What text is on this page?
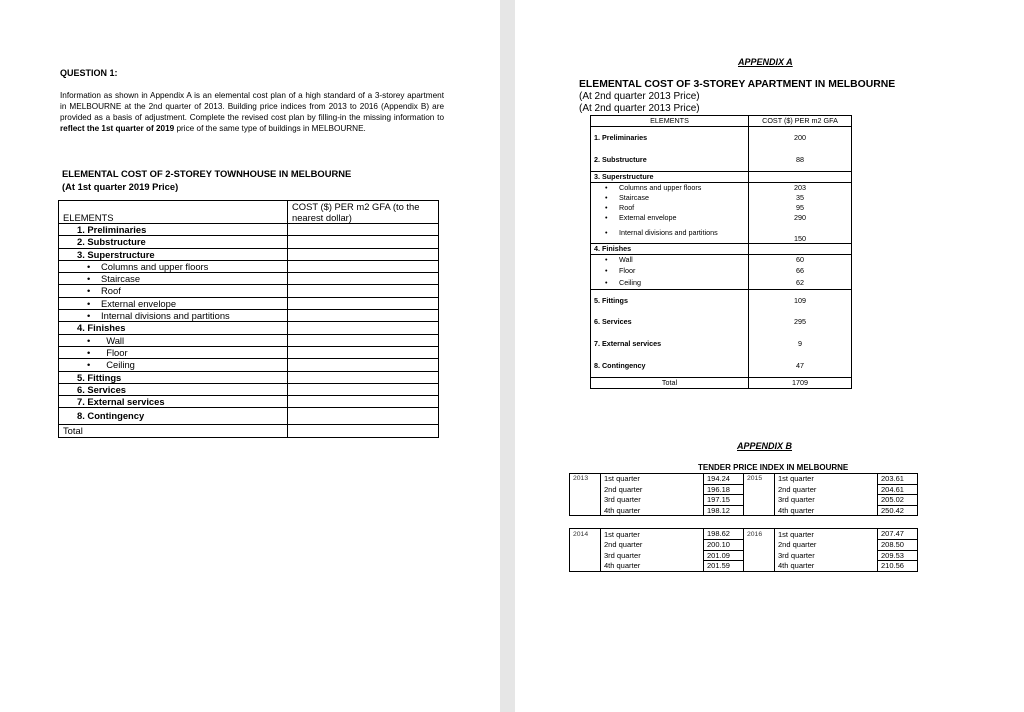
QUESTION 1:
Information as shown in Appendix A is an elemental cost plan of a high standard of a 3-storey apartment in MELBOURNE at the 2nd quarter of 2013. Building price indices from 2013 to 2016 (Appendix B) are provided as a basis of adjustment. Complete the revised cost plan by filling-in the missing information to reflect the 1st quarter of 2019 price of the same type of buildings in MELBOURNE.
ELEMENTAL COST OF 2-STOREY TOWNHOUSE IN MELBOURNE
(At 1st quarter 2019 Price)
ELEMENTS	COST ($) PER m2 GFA (to the nearest dollar)
1. Preliminaries	
2. Substructure	
3. Superstructure	
• Columns and upper floors	
• Staircase	
• Roof	
• External envelope	
• Internal divisions and partitions	
4. Finishes	
• Wall	
• Floor	
• Ceiling	
5. Fittings	
6. Services	
7. External services	
8. Contingency	
Total	
APPENDIX A
ELEMENTAL COST OF 3-STOREY APARTMENT IN MELBOURNE
(At 2nd quarter 2013 Price)
(At 2nd quarter 2013 Price)
ELEMENTS	COST ($) PER m2 GFA
1. Preliminaries	200
2. Substructure	88
3. Superstructure	
• Columns and upper floors	203
• Staircase	35
• Roof	95
• External envelope	290
• Internal divisions and partitions	150
4. Finishes	
• Wall	60
• Floor	66
• Ceiling	62
5. Fittings	109
6. Services	295
7. External services	9
8. Contingency	47
Total	1709
APPENDIX B
TENDER PRICE INDEX IN MELBOURNE
2013	1st quarter	194.24	2015	1st quarter	203.61
	2nd quarter	196.18		2nd quarter	204.61
	3rd quarter	197.15		3rd quarter	205.02
	4th quarter	198.12		4th quarter	250.42

2014	1st quarter	198.62	2016	1st quarter	207.47
	2nd quarter	200.10		2nd quarter	208.50
	3rd quarter	201.09		3rd quarter	209.53
	4th quarter	201.59		4th quarter	210.56
